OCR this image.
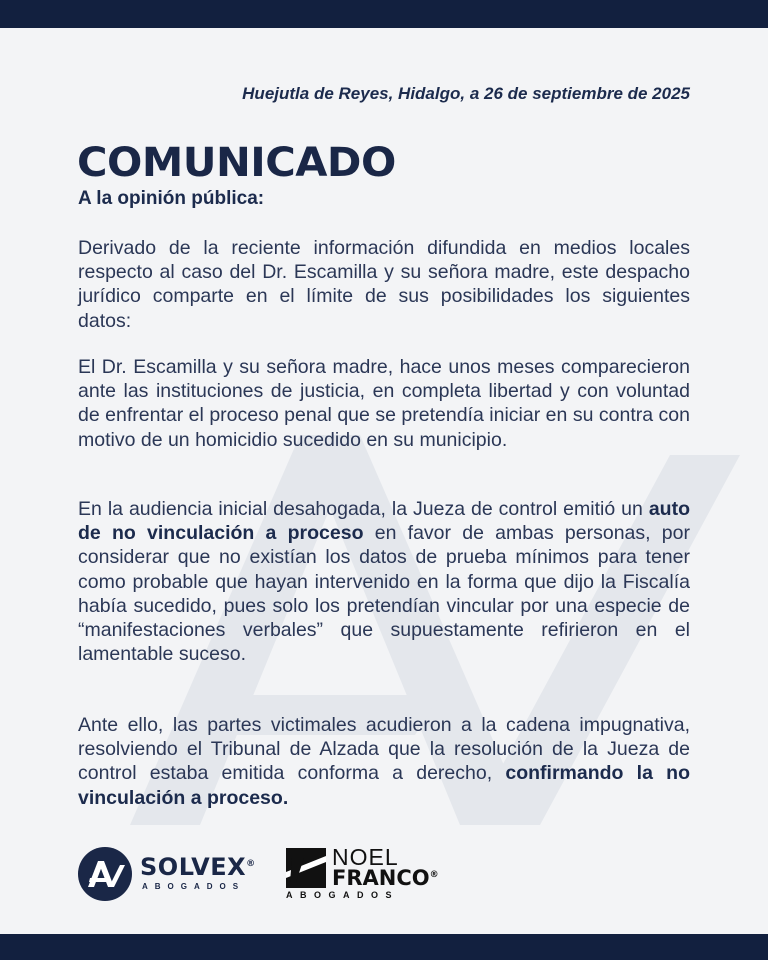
Huejutla de Reyes, Hidalgo, a 26 de septiembre de 2025

COMUNICADO

A la opinión pública:

Derivado de la reciente información difundida en medios locales respecto al caso del Dr. Escamilla y su señora madre, este despacho jurídico comparte en el límite de sus posibilidades los siguientes datos:

El Dr. Escamilla y su señora madre, hace unos meses comparecieron ante las instituciones de justicia, en completa libertad y con voluntad de enfrentar el proceso penal que se pretendía iniciar en su contra con motivo de un homicidio sucedido en su municipio.

En la audiencia inicial desahogada, la Jueza de control emitió un auto de no vinculación a proceso en favor de ambas personas, por considerar que no existían los datos de prueba mínimos para tener como probable que hayan intervenido en la forma que dijo la Fiscalía había sucedido, pues solo los pretendían vincular por una especie de “manifestaciones verbales” que supuestamente refirieron en el lamentable suceso.

Ante ello, las partes victimales acudieron a la cadena impugnativa, resolviendo el Tribunal de Alzada que la resolución de la Jueza de control estaba emitida conforma a derecho, confirmando la no vinculación a proceso.

SOLVEX®
ABOGADOS
NOEL
FRANCO®
ABOGADOS
